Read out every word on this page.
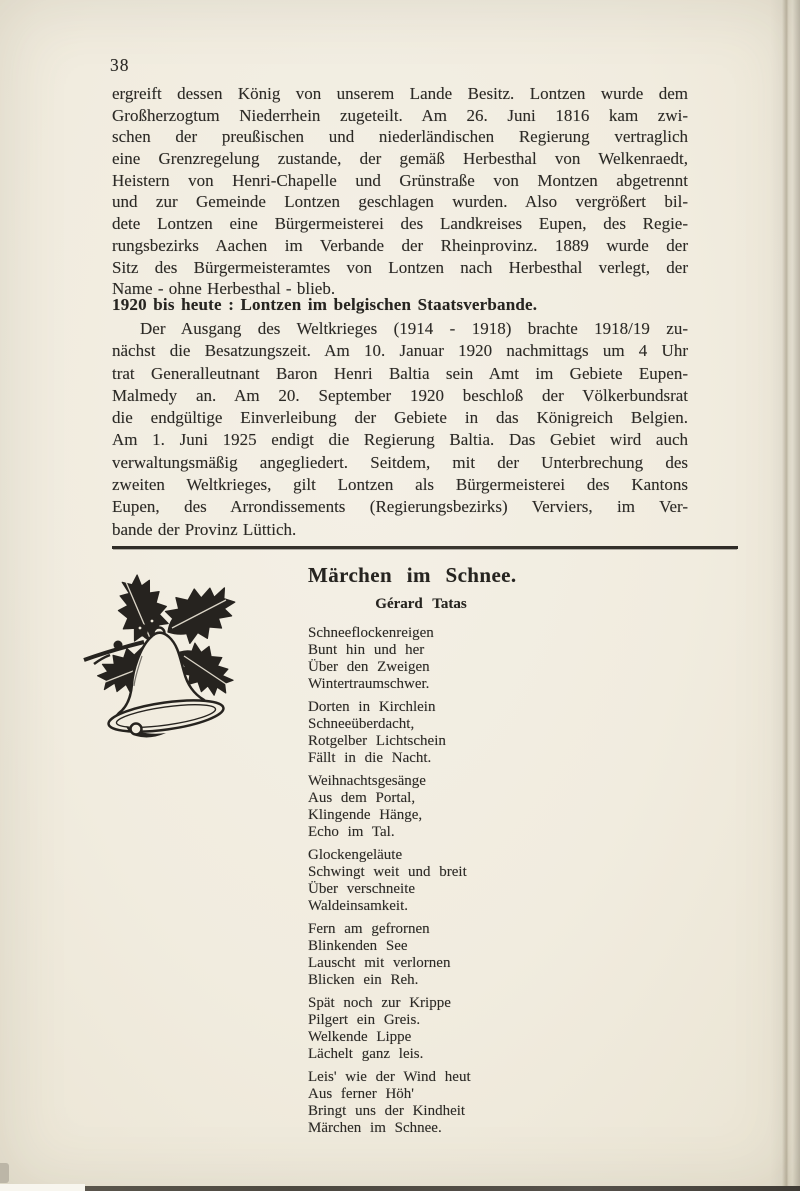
38
ergreift dessen König von unserem Lande Besitz. Lontzen wurde dem
Großherzogtum Niederrhein zugeteilt. Am 26. Juni 1816 kam zwi-
schen der preußischen und niederländischen Regierung vertraglich
eine Grenzregelung zustande, der gemäß Herbesthal von Welkenraedt,
Heistern von Henri-Chapelle und Grünstraße von Montzen abgetrennt
und zur Gemeinde Lontzen geschlagen wurden. Also vergrößert bil-
dete Lontzen eine Bürgermeisterei des Landkreises Eupen, des Regie-
rungsbezirks Aachen im Verbande der Rheinprovinz. 1889 wurde der
Sitz des Bürgermeisteramtes von Lontzen nach Herbesthal verlegt, der
Name - ohne Herbesthal - blieb.
1920 bis heute : Lontzen im belgischen Staatsverbande.
Der Ausgang des Weltkrieges (1914 - 1918) brachte 1918/19 zu-
nächst die Besatzungszeit. Am 10. Januar 1920 nachmittags um 4 Uhr
trat Generalleutnant Baron Henri Baltia sein Amt im Gebiete Eupen-
Malmedy an. Am 20. September 1920 beschloß der Völkerbundsrat
die endgültige Einverleibung der Gebiete in das Königreich Belgien.
Am 1. Juni 1925 endigt die Regierung Baltia. Das Gebiet wird auch
verwaltungsmäßig angegliedert. Seitdem, mit der Unterbrechung des
zweiten Weltkrieges, gilt Lontzen als Bürgermeisterei des Kantons
Eupen, des Arrondissements (Regierungsbezirks) Verviers, im Ver-
bande der Provinz Lüttich.
Märchen im Schnee.
Gérard Tatas
Schneeflockenreigen
Bunt hin und her
Über den Zweigen
Wintertraumschwer.
Dorten in Kirchlein
Schneeüberdacht,
Rotgelber Lichtschein
Fällt in die Nacht.
Weihnachtsgesänge
Aus dem Portal,
Klingende Hänge,
Echo im Tal.
Glockengeläute
Schwingt weit und breit
Über verschneite
Waldeinsamkeit.
Fern am gefrornen
Blinkenden See
Lauscht mit verlornen
Blicken ein Reh.
Spät noch zur Krippe
Pilgert ein Greis.
Welkende Lippe
Lächelt ganz leis.
Leis' wie der Wind heut
Aus ferner Höh'
Bringt uns der Kindheit
Märchen im Schnee.
